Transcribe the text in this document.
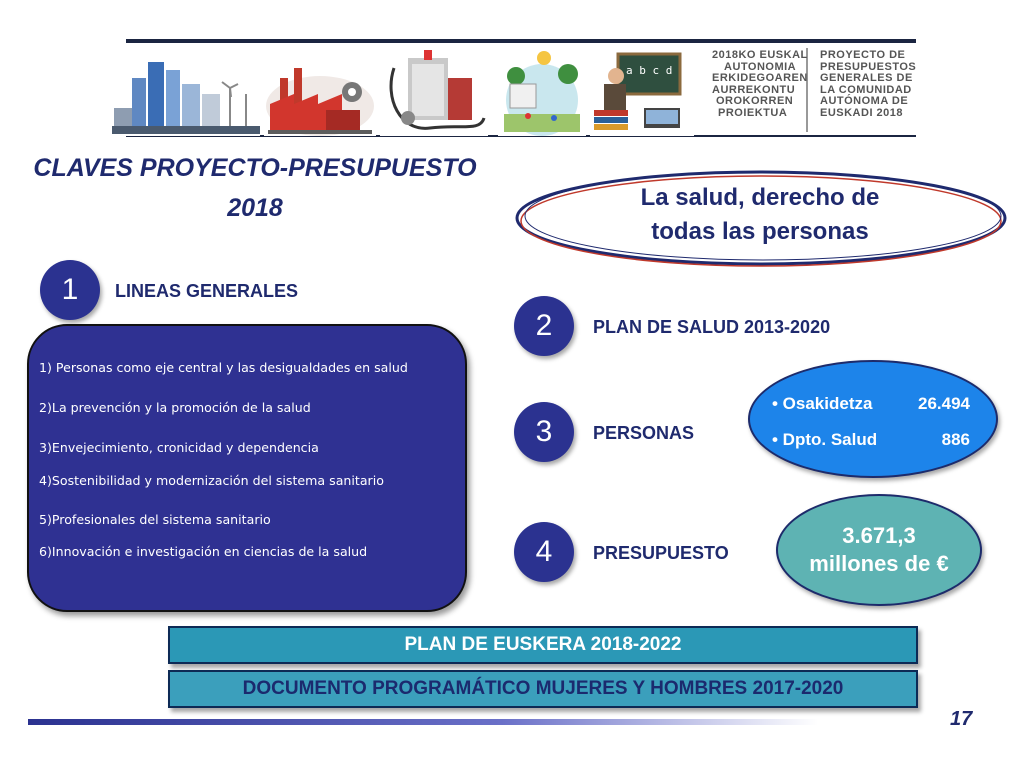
a b c d
2018KO EUSKAL
AUTONOMIA
ERKIDEGOAREN
AURREKONTU
OROKORREN
PROIEKTUA
PROYECTO DE
PRESUPUESTOS
GENERALES DE
LA COMUNIDAD
AUTÓNOMA DE
EUSKADI 2018
CLAVES PROYECTO-PRESUPUESTO
2018	La salud, derecho de
todas las personas
1	LINEAS GENERALES
1) Personas como eje central y las desigualdades en salud
2)La prevención y la promoción de la salud
3)Envejecimiento, cronicidad y dependencia
4)Sostenibilidad y modernización del sistema sanitario
5)Profesionales del sistema sanitario
6)Innovación e investigación en ciencias de la salud
2	PLAN DE SALUD 2013-2020
3	PERSONAS
• Osakidetza	26.494
• Dpto. Salud	886
4	PRESUPUESTO
3.671,3
millones de €
PLAN DE EUSKERA 2018-2022
DOCUMENTO PROGRAMÁTICO MUJERES Y HOMBRES 2017-2020
17
